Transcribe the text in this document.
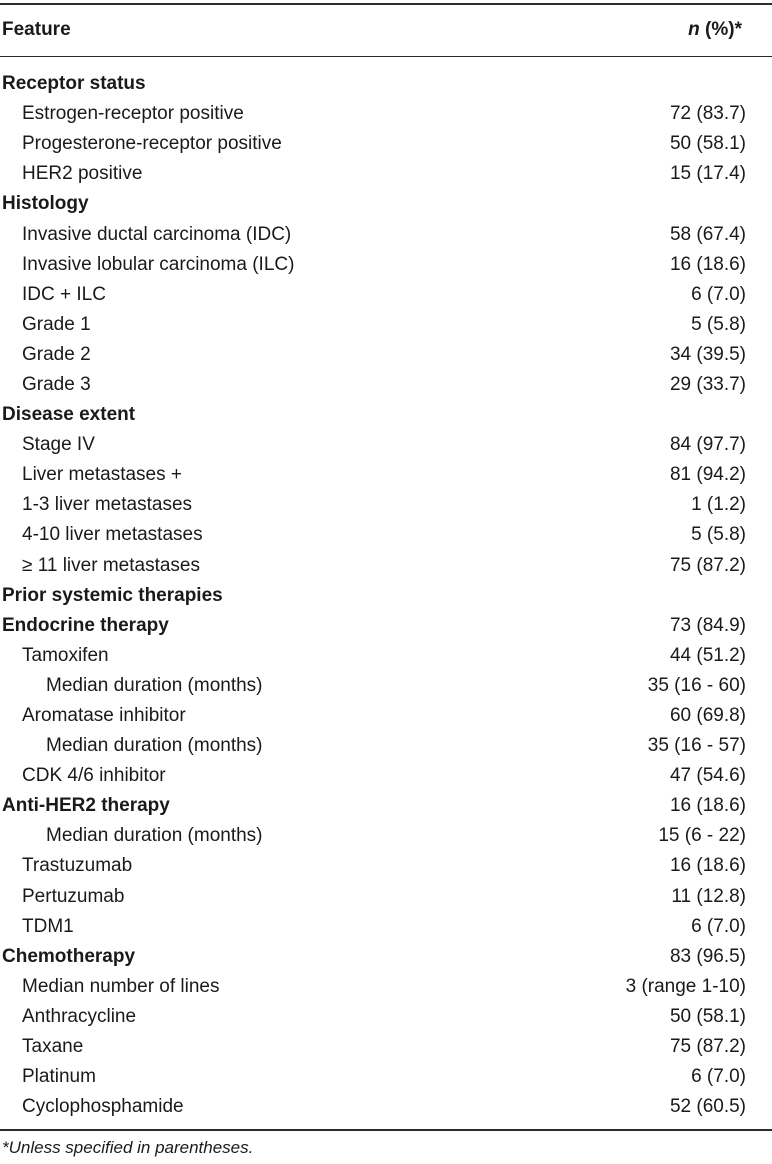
Feature	n (%)*
Receptor status
Estrogen-receptor positive	72 (83.7)
Progesterone-receptor positive	50 (58.1)
HER2 positive	15 (17.4)
Histology
Invasive ductal carcinoma (IDC)	58 (67.4)
Invasive lobular carcinoma (ILC)	16 (18.6)
IDC + ILC	6 (7.0)
Grade 1	5 (5.8)
Grade 2	34 (39.5)
Grade 3	29 (33.7)
Disease extent
Stage IV	84 (97.7)
Liver metastases +	81 (94.2)
1-3 liver metastases	1 (1.2)
4-10 liver metastases	5 (5.8)
≥ 11 liver metastases	75 (87.2)
Prior systemic therapies
Endocrine therapy	73 (84.9)
Tamoxifen	44 (51.2)
Median duration (months)	35 (16 - 60)
Aromatase inhibitor	60 (69.8)
Median duration (months)	35 (16 - 57)
CDK 4/6 inhibitor	47 (54.6)
Anti-HER2 therapy	16 (18.6)
Median duration (months)	15 (6 - 22)
Trastuzumab	16 (18.6)
Pertuzumab	11 (12.8)
TDM1	6 (7.0)
Chemotherapy	83 (96.5)
Median number of lines	3 (range 1-10)
Anthracycline	50 (58.1)
Taxane	75 (87.2)
Platinum	6 (7.0)
Cyclophosphamide	52 (60.5)
*Unless specified in parentheses.
